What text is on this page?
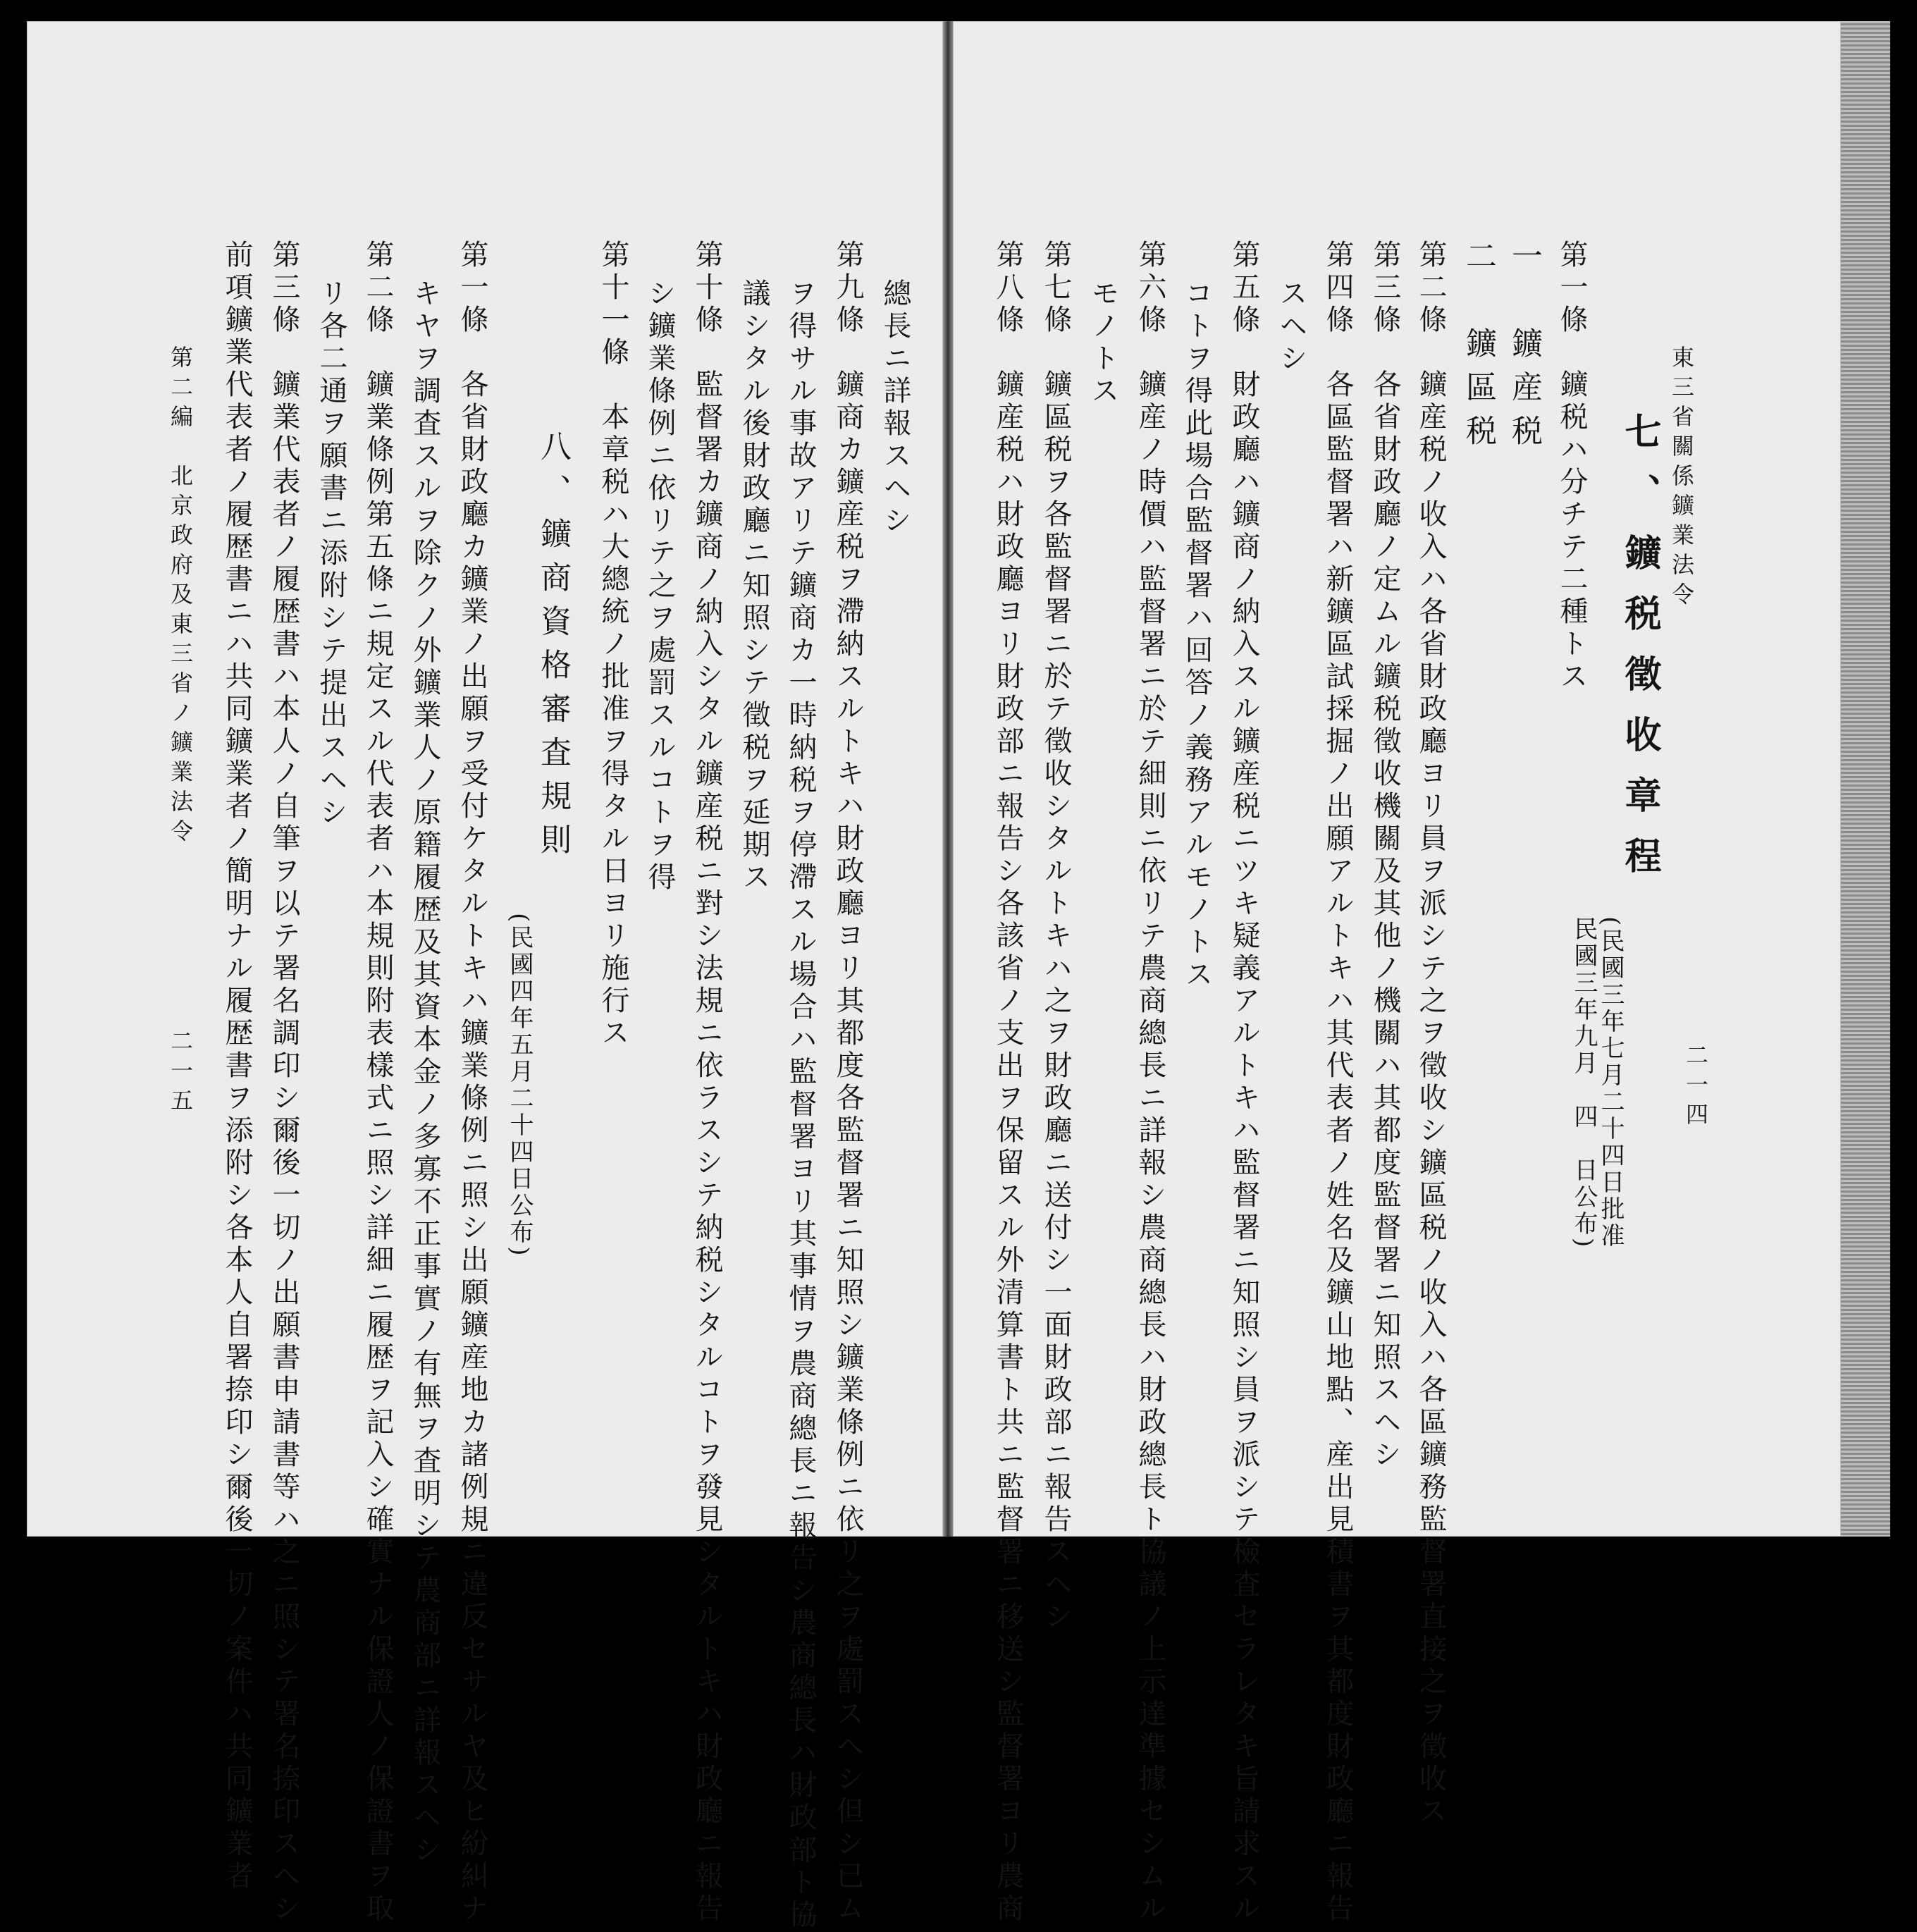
東三省關係鑛業法令
二一四
七、鑛税徵收章程
(民國三年七月二十四日批准
民國三年九月　四　日公布)
第一條　鑛税ハ分チテ二種トス
一　鑛産税
二　鑛區税
第二條　鑛産税ノ收入ハ各省財政廳ヨリ員ヲ派シテ之ヲ徵收シ鑛區税ノ收入ハ各區鑛務監督署直接之ヲ徵收ス
第三條　各省財政廳ノ定ムル鑛税徵收機關及其他ノ機關ハ其都度監督署ニ知照スヘシ
第四條　各區監督署ハ新鑛區試採掘ノ出願アルトキハ其代表者ノ姓名及鑛山地點、産出見積書ヲ其都度財政廳ニ報告
スヘシ
第五條　財政廳ハ鑛商ノ納入スル鑛産税ニツキ疑義アルトキハ監督署ニ知照シ員ヲ派シテ檢査セラレタキ旨請求スル
コトヲ得此場合監督署ハ回答ノ義務アルモノトス
第六條　鑛産ノ時價ハ監督署ニ於テ細則ニ依リテ農商總長ニ詳報シ農商總長ハ財政總長ト協議ノ上示達準據セシムル
モノトス
第七條　鑛區税ヲ各監督署ニ於テ徵收シタルトキハ之ヲ財政廳ニ送付シ一面財政部ニ報告スヘシ
第八條　鑛産税ハ財政廳ヨリ財政部ニ報告シ各該省ノ支出ヲ保留スル外清算書ト共ニ監督署ニ移送シ監督署ヨリ農商
總長ニ詳報スヘシ
第九條　鑛商カ鑛産税ヲ滯納スルトキハ財政廳ヨリ其都度各監督署ニ知照シ鑛業條例ニ依リ之ヲ處罰スヘシ但シ已ム
ヲ得サル事故アリテ鑛商カ一時納税ヲ停滯スル場合ハ監督署ヨリ其事情ヲ農商總長ニ報告シ農商總長ハ財政部ト協
議シタル後財政廳ニ知照シテ徵税ヲ延期ス
第十條　監督署カ鑛商ノ納入シタル鑛産税ニ對シ法規ニ依ラスシテ納税シタルコトヲ發見シタルトキハ財政廳ニ報告
シ鑛業條例ニ依リテ之ヲ處罰スルコトヲ得
第十一條　本章税ハ大總統ノ批准ヲ得タル日ヨリ施行ス
八、鑛商資格審査規則
(民國四年五月二十四日公布)
第一條　各省財政廳カ鑛業ノ出願ヲ受付ケタルトキハ鑛業條例ニ照シ出願鑛産地カ諸例規ニ違反セサルヤ及ヒ紛糾ナ
キヤヲ調査スルヲ除クノ外鑛業人ノ原籍履歴及其資本金ノ多寡不正事實ノ有無ヲ査明シテ農商部ニ詳報スヘシ
第二條　鑛業條例第五條ニ規定スル代表者ハ本規則附表樣式ニ照シ詳細ニ履歴ヲ記入シ確實ナル保證人ノ保證書ヲ取
リ各二通ヲ願書ニ添附シテ提出スヘシ
第三條　鑛業代表者ノ履歴書ハ本人ノ自筆ヲ以テ署名調印シ爾後一切ノ出願書申請書等ハ之ニ照シテ署名捺印スヘシ
前項鑛業代表者ノ履歴書ニハ共同鑛業者ノ簡明ナル履歴書ヲ添附シ各本人自署捺印シ爾後一切ノ案件ハ共同鑛業者
第二編　北京政府及東三省ノ鑛業法令
二一五
